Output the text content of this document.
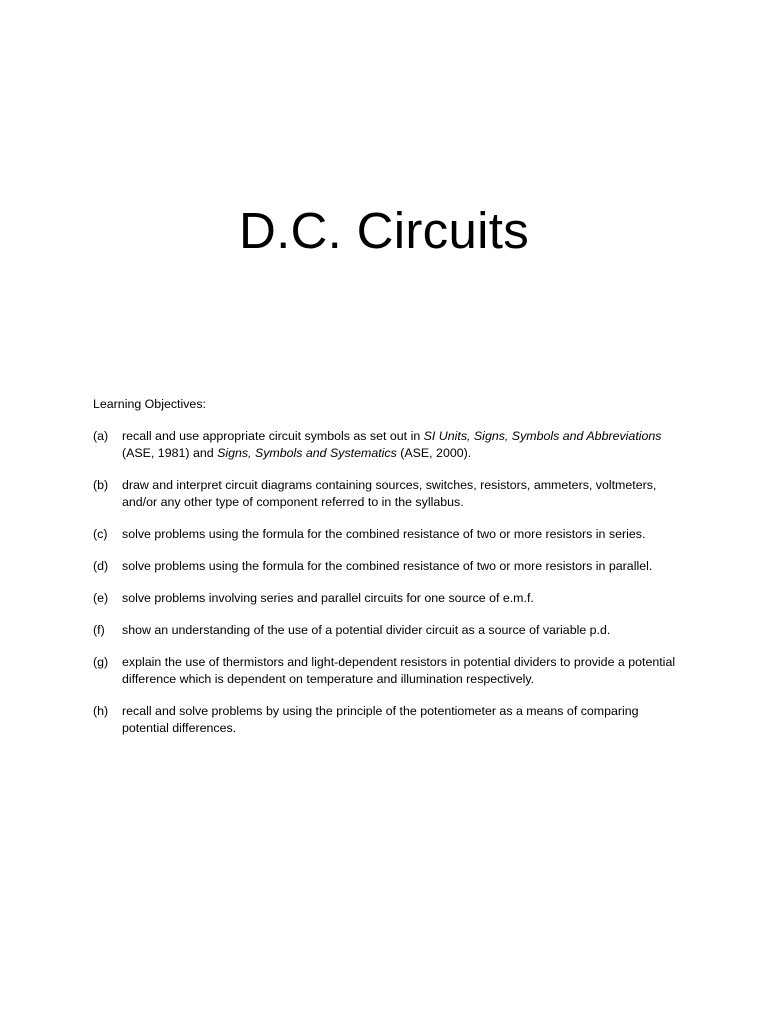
D.C. Circuits

Learning Objectives:

(a)	recall and use appropriate circuit symbols as set out in SI Units, Signs, Symbols and Abbreviations (ASE, 1981) and Signs, Symbols and Systematics (ASE, 2000).
(b)	draw and interpret circuit diagrams containing sources, switches, resistors, ammeters, voltmeters, and/or any other type of component referred to in the syllabus.
(c)	solve problems using the formula for the combined resistance of two or more resistors in series.
(d)	solve problems using the formula for the combined resistance of two or more resistors in parallel.
(e)	solve problems involving series and parallel circuits for one source of e.m.f.
(f)	show an understanding of the use of a potential divider circuit as a source of variable p.d.
(g)	explain the use of thermistors and light-dependent resistors in potential dividers to provide a potential difference which is dependent on temperature and illumination respectively.
(h)	recall and solve problems by using the principle of the potentiometer as a means of comparing potential differences.
